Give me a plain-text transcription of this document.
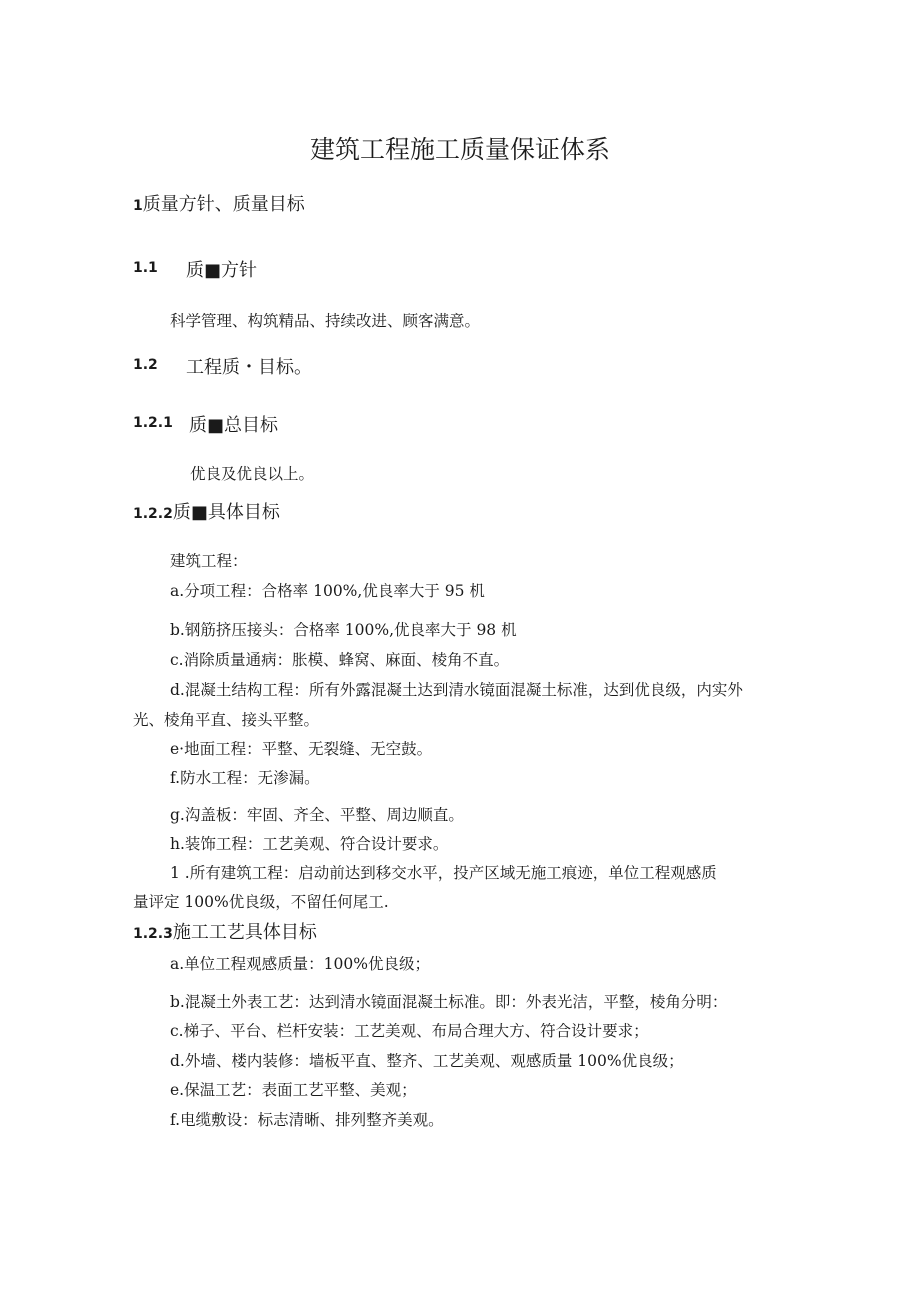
建筑工程施工质量保证体系
1质量方针、质量目标
1.1 质■方针
科学管理、构筑精品、持续改进、顾客满意。
1.2 工程质・目标。
1.2.1 质■总目标
优良及优良以上。
1.2.2质■具体目标
建筑工程：
a.分项工程：合格率 100%,优良率大于 95 机
b.钢筋挤压接头：合格率 100%,优良率大于 98 机
c.消除质量通病：胀模、蜂窝、麻面、棱角不直。
d.混凝土结构工程：所有外露混凝土达到清水镜面混凝土标准，达到优良级，内实外
光、棱角平直、接头平整。
e·地面工程：平整、无裂缝、无空鼓。
f.防水工程：无渗漏。
g.沟盖板：牢固、齐全、平整、周边顺直。
h.装饰工程：工艺美观、符合设计要求。
1 .所有建筑工程：启动前达到移交水平，投产区域无施工痕迹，单位工程观感质
量评定 100%优良级，不留任何尾工.
1.2.3施工工艺具体目标
a.单位工程观感质量：100%优良级；
b.混凝土外表工艺：达到清水镜面混凝土标准。即：外表光洁，平整，棱角分明：
c.梯子、平台、栏杆安装：工艺美观、布局合理大方、符合设计要求；
d.外墙、楼内装修：墙板平直、整齐、工艺美观、观感质量 100%优良级；
e.保温工艺：表面工艺平整、美观；
f.电缆敷设：标志清晰、排列整齐美观。
